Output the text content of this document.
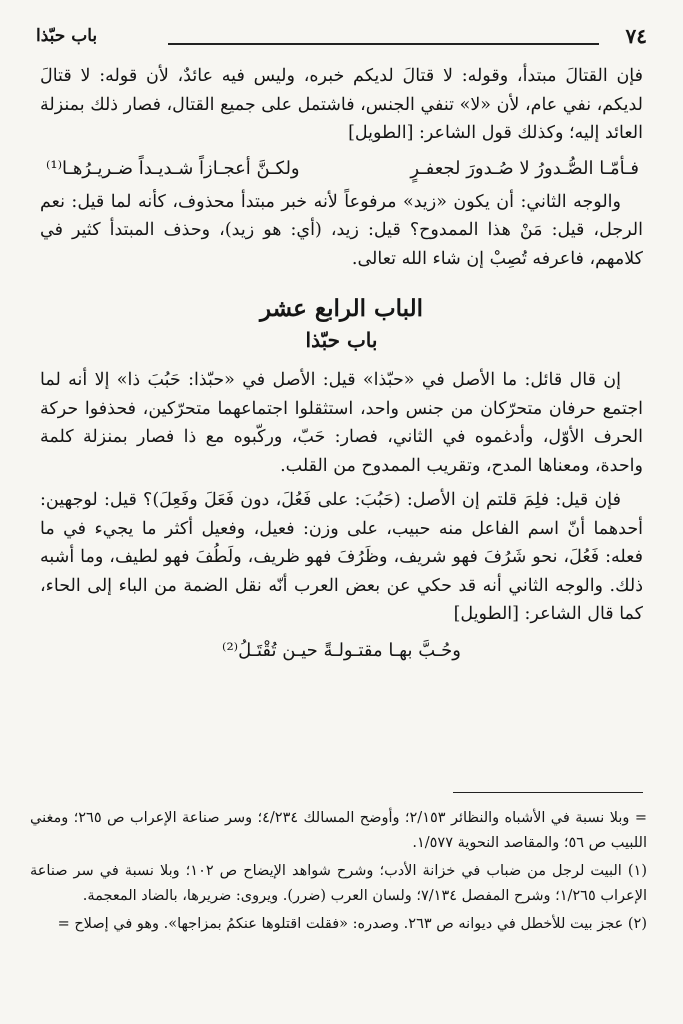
٧٤
باب حبّذا

فإن القتالَ مبتدأ، وقوله: لا قتالَ لديكم خبره، وليس فيه عائدٌ، لأن قوله: لا قتالَ لديكم، نفي عام، لأن «لا» تنفي الجنس، فاشتمل على جميع القتال، فصار ذلك بمنزلة العائد إليه؛ وكذلك قول الشاعر: [الطويل]

فـأمّـا الصُّـدورُ لا صُـدورَ لجعفـرٍ
ولكـنَّ أعجـازاً شـديـداً ضـريـرُهـا⁽¹⁾

والوجه الثاني: أن يكون «زيد» مرفوعاً لأنه خبر مبتدأ محذوف، كأنه لما قيل: نعم الرجل، قيل: مَنْ هذا الممدوح؟ قيل: زيد، (أي: هو زيد)، وحذف المبتدأ كثير في كلامهم، فاعرفه تُصِبْ إن شاء الله تعالى.

الباب الرابع عشر
باب حبّذا

إن قال قائل: ما الأصل في «حبّذا» قيل: الأصل في «حبّذا: حَبُبَ ذا» إلا أنه لما اجتمع حرفان متحرّكان من جنس واحد، استثقلوا اجتماعهما متحرّكين، فحذفوا حركة الحرف الأوّل، وأدغموه في الثاني، فصار: حَبّ، وركّبوه مع ذا فصار بمنزلة كلمة واحدة، ومعناها المدح، وتقريب الممدوح من القلب.

فإن قيل: فلِمَ قلتم إن الأصل: (حَبُبَ: على فَعُلَ، دون فَعَلَ وفَعِلَ)؟ قيل: لوجهين: أحدهما أنّ اسم الفاعل منه حبيب، على وزن: فعيل، وفعيل أكثر ما يجيء في ما فعله: فَعُلَ، نحو شَرُفَ فهو شريف، وظَرُفَ فهو ظريف، ولَطُفَ فهو لطيف، وما أشبه ذلك. والوجه الثاني أنه قد حكي عن بعض العرب أنّه نقل الضمة من الباء إلى الحاء، كما قال الشاعر: [الطويل]

وحُـبَّ بهـا مقتـولـةً حيـن تُقْتَـلُ⁽²⁾

= وبلا نسبة في الأشباه والنظائر ٢/١٥٣؛ وأوضح المسالك ٤/٢٣٤؛ وسر صناعة الإعراب ص ٢٦٥؛ ومغني اللبيب ص ٥٦؛ والمقاصد النحوية ١/٥٧٧.

(١) البيت لرجل من ضباب في خزانة الأدب؛ وشرح شواهد الإيضاح ص ١٠٢؛ وبلا نسبة في سر صناعة الإعراب ١/٢٦٥؛ وشرح المفصل ٧/١٣٤؛ ولسان العرب (ضرر). ويروى: ضريرها، بالضاد المعجمة.

(٢) عجز بيت للأخطل في ديوانه ص ٢٦٣. وصدره: «فقلت اقتلوها عنكمُ بمزاجها». وهو في إصلاح =
